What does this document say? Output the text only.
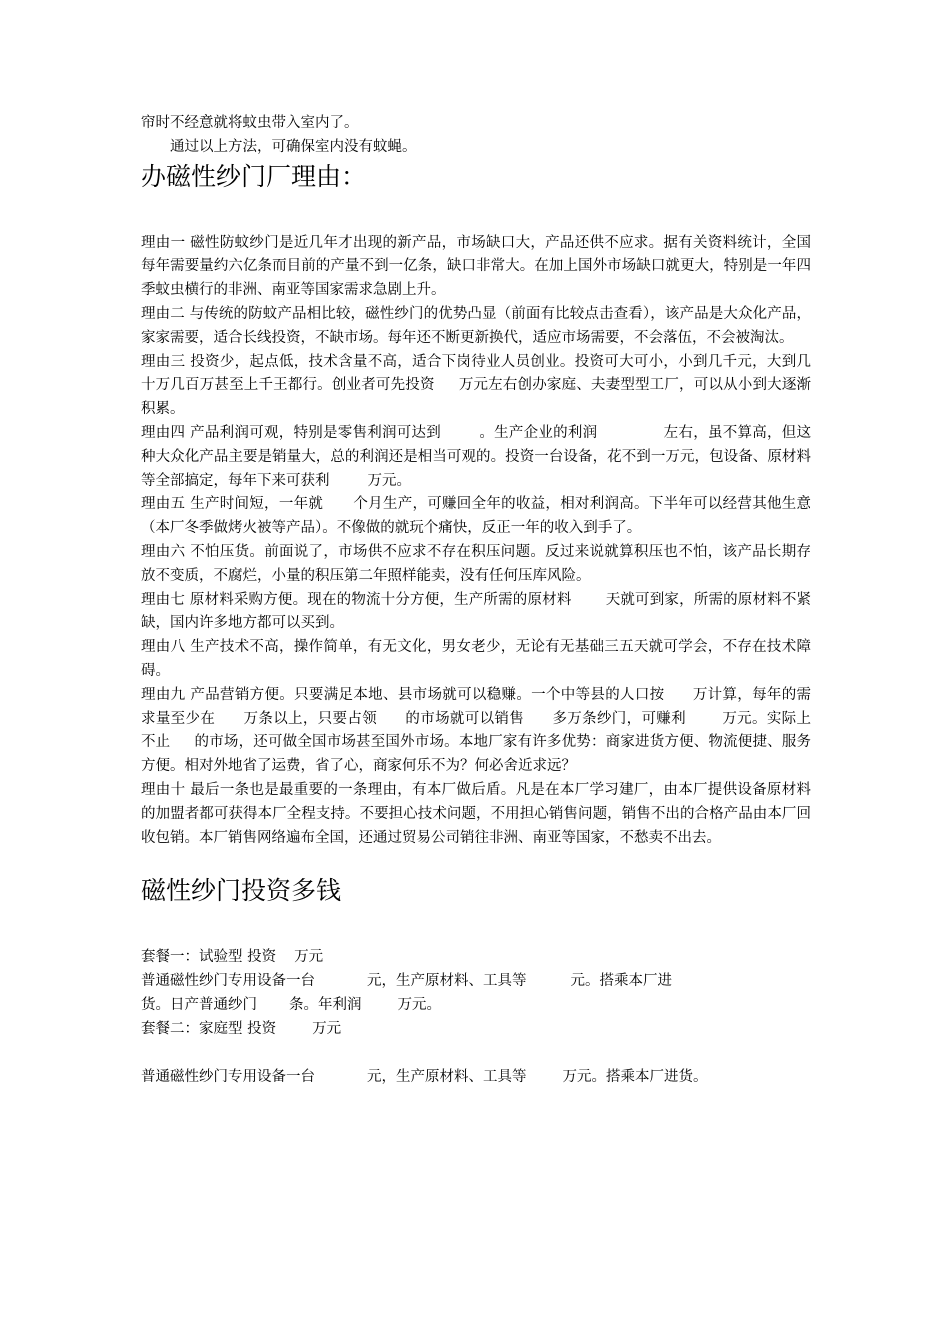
帘时不经意就将蚊虫带入室内了。

通过以上方法，可确保室内没有蚊蝇。

办磁性纱门厂理由：

理由一 磁性防蚊纱门是近几年才出现的新产品，市场缺口大，产品还供不应求。据有关资料统计，全国每年需要量约六亿条而目前的产量不到一亿条，缺口非常大。在加上国外市场缺口就更大，特别是一年四季蚊虫横行的非洲、南亚等国家需求急剧上升。

理由二 与传统的防蚊产品相比较，磁性纱门的优势凸显（前面有比较点击查看），该产品是大众化产品，家家需要，适合长线投资，不缺市场。每年还不断更新换代，适应市场需要，不会落伍，不会被淘汰。

理由三 投资少，起点低，技术含量不高，适合下岗待业人员创业。投资可大可小，小到几千元，大到几十万几百万甚至上千王都行。创业者可先投资 万元左右创办家庭、夫妻型型工厂，可以从小到大逐渐积累。

理由四 产品利润可观，特别是零售利润可达到	。生产企业的利润	左右，虽不算高，但这种大众化产品主要是销量大，总的利润还是相当可观的。投资一台设备，花不到一万元，包设备、原材料等全部搞定，每年下来可获利	万元。

理由五 生产时间短，一年就 个月生产，可赚回全年的收益，相对利润高。下半年可以经营其他生意（本厂冬季做烤火被等产品）。不像做的就玩个痛快，反正一年的收入到手了。

理由六 不怕压货。前面说了，市场供不应求不存在积压问题。反过来说就算积压也不怕，该产品长期存放不变质，不腐烂，小量的积压第二年照样能卖，没有任何压库风险。

理由七 原材料采购方便。现在的物流十分方便，生产所需的原材料 天就可到家，所需的原材料不紧缺，国内许多地方都可以买到。

理由八 生产技术不高，操作简单，有无文化，男女老少，无论有无基础三五天就可学会，不存在技术障碍。

理由九 产品营销方便。只要满足本地、县市场就可以稳赚。一个中等县的人口按 万计算，每年的需求量至少在 万条以上，只要占领 的市场就可以销售 多万条纱门，可赚利 万元。实际上不止 的市场，还可做全国市场甚至国外市场。本地厂家有许多优势：商家进货方便、物流便捷、服务方便。相对外地省了运费，省了心，商家何乐不为？何必舍近求远？

理由十 最后一条也是最重要的一条理由，有本厂做后盾。凡是在本厂学习建厂，由本厂提供设备原材料的加盟者都可获得本厂全程支持。不要担心技术问题，不用担心销售问题，销售不出的合格产品由本厂回收包销。本厂销售网络遍布全国，还通过贸易公司销往非洲、南亚等国家，不愁卖不出去。

磁性纱门投资多钱

套餐一：试验型 投资 万元

普通磁性纱门专用设备一台	元，生产原材料、工具等	元。搭乘本厂进

货。日产普通纱门 条。年利润 万元。

套餐二：家庭型 投资 万元

普通磁性纱门专用设备一台	元，生产原材料、工具等 万元。搭乘本厂进货。
